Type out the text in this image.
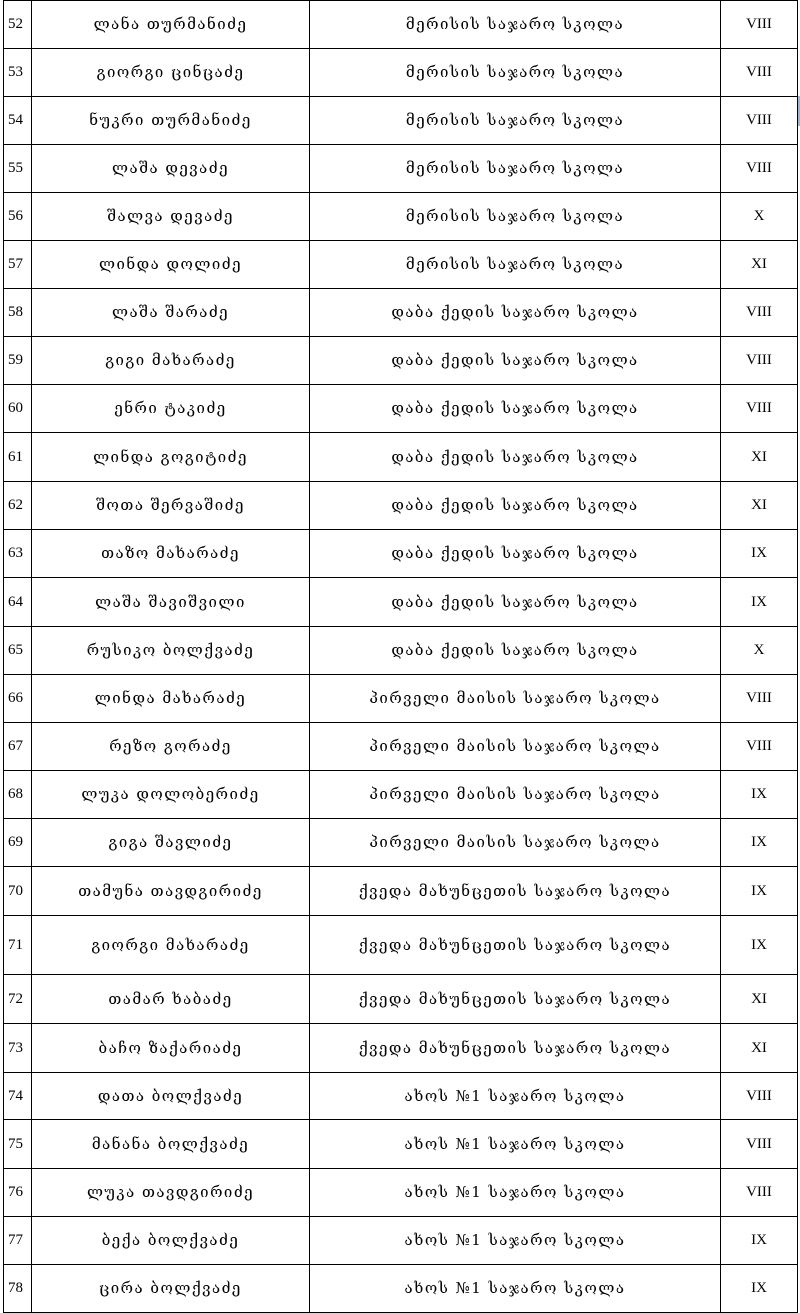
52	ლანა თურმანიძე	მერისის საჯარო სკოლა	VIII
53	გიორგი ცინცაძე	მერისის საჯარო სკოლა	VIII
54	ნუკრი თურმანიძე	მერისის საჯარო სკოლა	VIII
55	ლაშა დევაძე	მერისის საჯარო სკოლა	VIII
56	შალვა დევაძე	მერისის საჯარო სკოლა	X
57	ლინდა დოლიძე	მერისის საჯარო სკოლა	XI
58	ლაშა შარაძე	დაბა ქედის საჯარო სკოლა	VIII
59	გიგი მახარაძე	დაბა ქედის საჯარო სკოლა	VIII
60	ენრი ტაკიძე	დაბა ქედის საჯარო სკოლა	VIII
61	ლინდა გოგიტიძე	დაბა ქედის საჯარო სკოლა	XI
62	შოთა შერვაშიძე	დაბა ქედის საჯარო სკოლა	XI
63	თაზო მახარაძე	დაბა ქედის საჯარო სკოლა	IX
64	ლაშა შავიშვილი	დაბა ქედის საჯარო სკოლა	IX
65	რუსიკო ბოლქვაძე	დაბა ქედის საჯარო სკოლა	X
66	ლინდა მახარაძე	პირველი მაისის საჯარო სკოლა	VIII
67	რეზო გორაძე	პირველი მაისის საჯარო სკოლა	VIII
68	ლუკა დოლობერიძე	პირველი მაისის საჯარო სკოლა	IX
69	გიგა შავლიძე	პირველი მაისის საჯარო სკოლა	IX
70	თამუნა თავდგირიძე	ქვედა მახუნცეთის საჯარო სკოლა	IX
71	გიორგი მახარაძე	ქვედა მახუნცეთის საჯარო სკოლა	IX
72	თამარ ხაბაძე	ქვედა მახუნცეთის საჯარო სკოლა	XI
73	ბაჩო ზაქარიაძე	ქვედა მახუნცეთის საჯარო სკოლა	XI
74	დათა ბოლქვაძე	ახოს №1 საჯარო სკოლა	VIII
75	მანანა ბოლქვაძე	ახოს №1 საჯარო სკოლა	VIII
76	ლუკა თავდგირიძე	ახოს №1 საჯარო სკოლა	VIII
77	ბექა ბოლქვაძე	ახოს №1 საჯარო სკოლა	IX
78	ცირა ბოლქვაძე	ახოს №1 საჯარო სკოლა	IX
